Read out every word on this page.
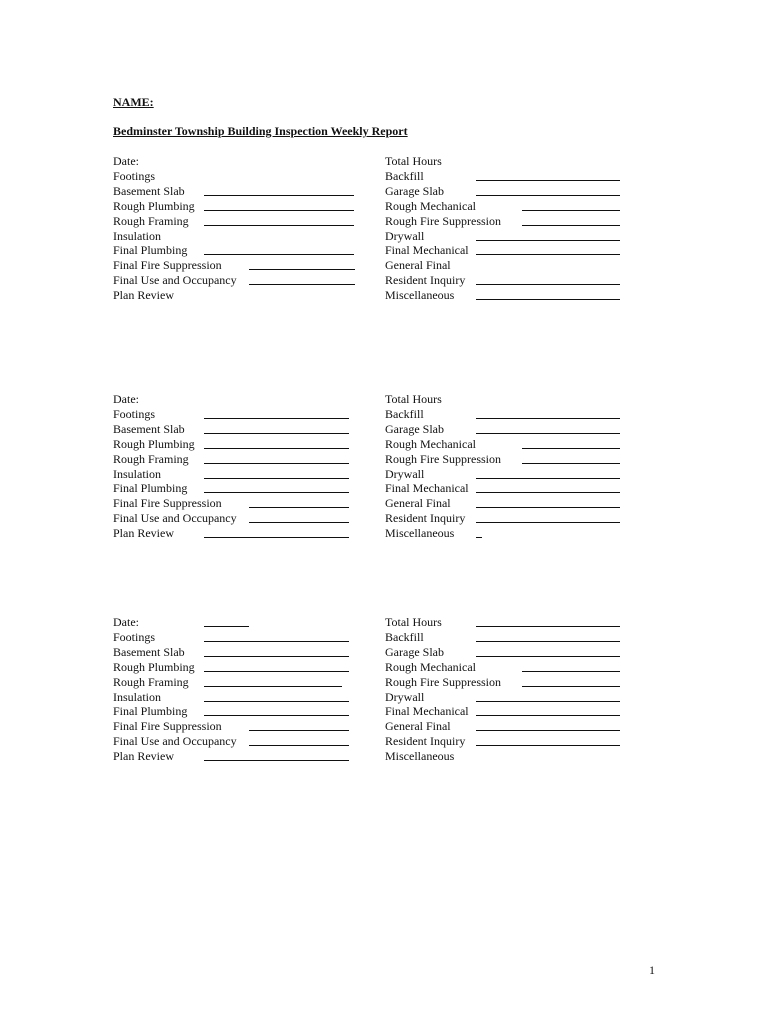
NAME:
Bedminster Township Building Inspection Weekly Report
Date:
Footings
Basement Slab
Rough Plumbing
Rough Framing
Insulation
Final Plumbing
Final Fire Suppression
Final Use and Occupancy
Plan Review
Total Hours
Backfill
Garage Slab
Rough Mechanical
Rough Fire Suppression
Drywall
Final Mechanical
General Final
Resident Inquiry
Miscellaneous
Date:
Footings
Basement Slab
Rough Plumbing
Rough Framing
Insulation
Final Plumbing
Final Fire Suppression
Final Use and Occupancy
Plan Review
Total Hours
Backfill
Garage Slab
Rough Mechanical
Rough Fire Suppression
Drywall
Final Mechanical
General Final
Resident Inquiry
Miscellaneous
Date:
Footings
Basement Slab
Rough Plumbing
Rough Framing
Insulation
Final Plumbing
Final Fire Suppression
Final Use and Occupancy
Plan Review
Total Hours
Backfill
Garage Slab
Rough Mechanical
Rough Fire Suppression
Drywall
Final Mechanical
General Final
Resident Inquiry
Miscellaneous
1
